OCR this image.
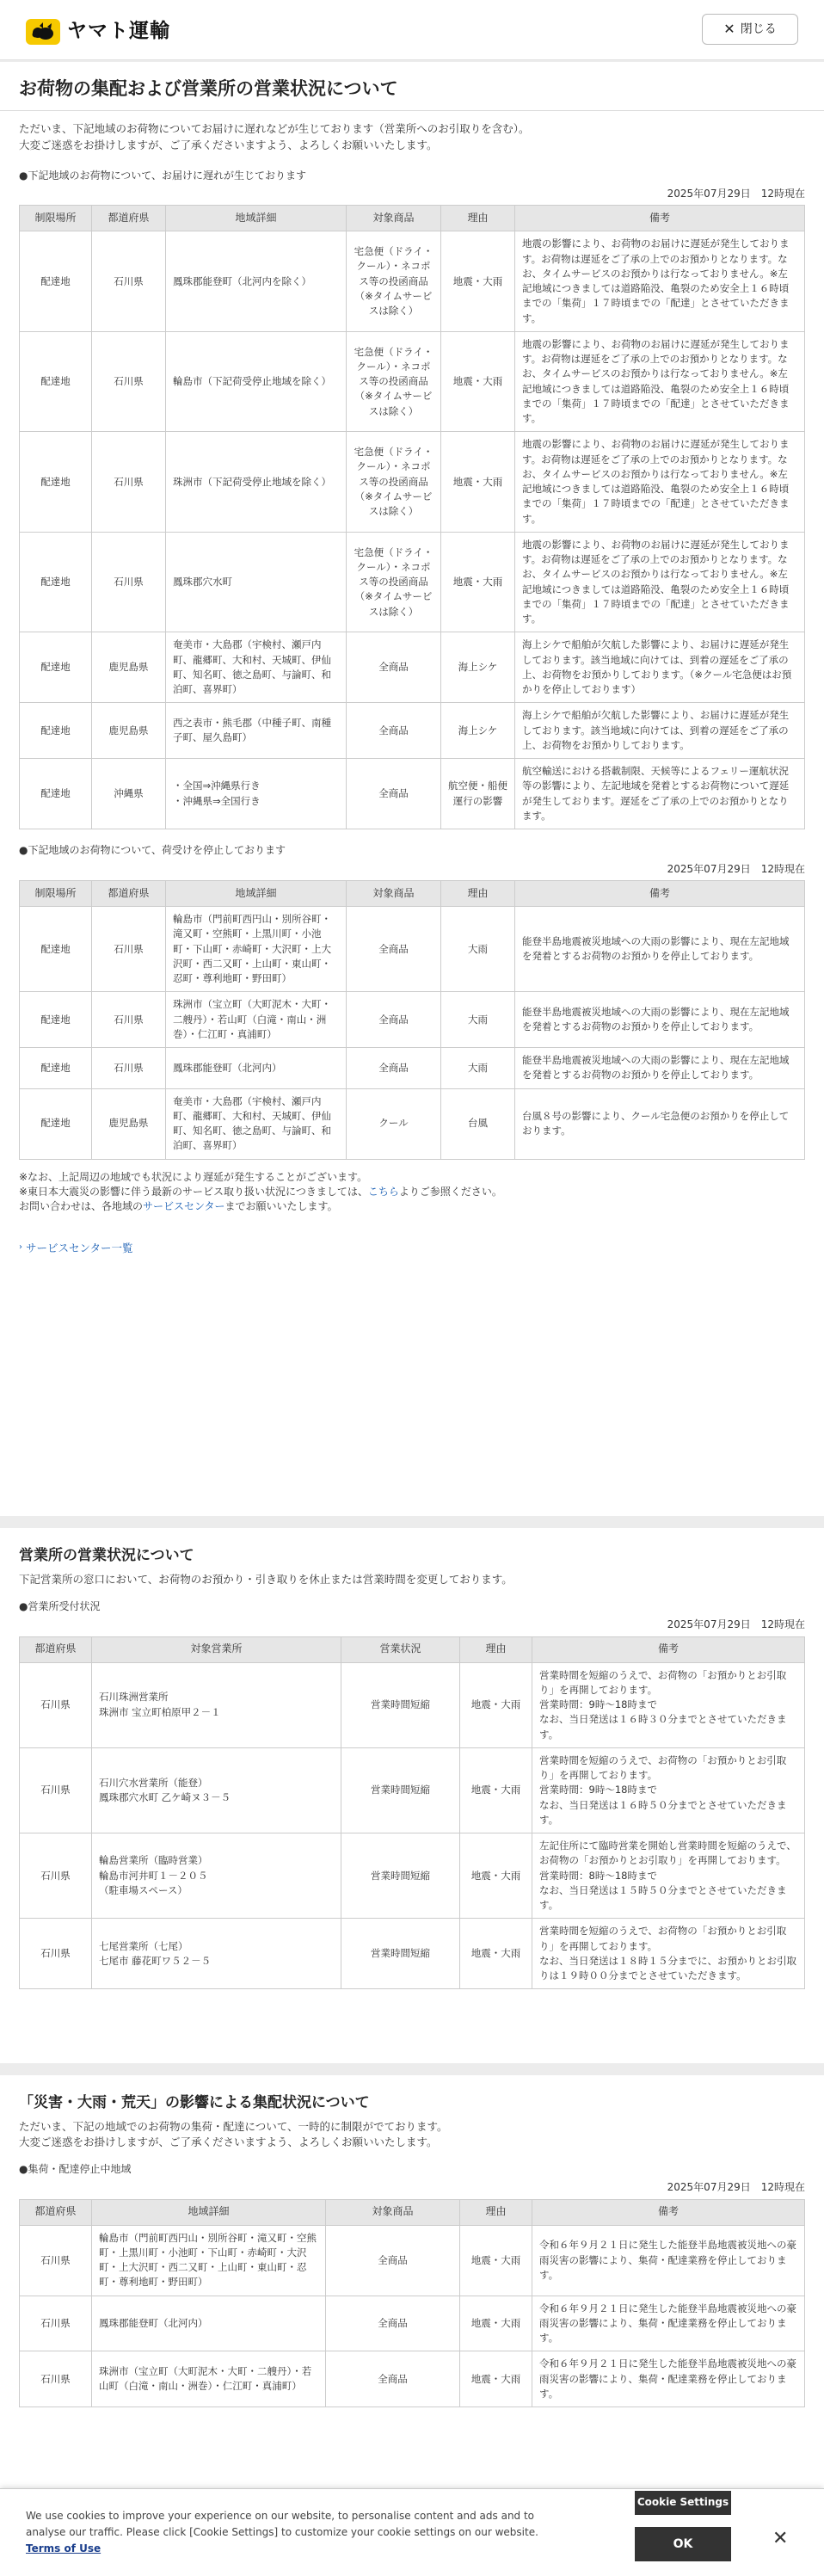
ヤマト運輸	✕ 閉じる
お荷物の集配および営業所の営業状況について
ただいま、下記地域のお荷物についてお届けに遅れなどが生じております（営業所へのお引取りを含む）。
大変ご迷惑をお掛けしますが、ご了承くださいますよう、よろしくお願いいたします。
●下記地域のお荷物について、お届けに遅れが生じております
2025年07月29日　12時現在
制限場所	都道府県	地域詳細	対象商品	理由	備考
配達地	石川県	鳳珠郡能登町（北河内を除く）	宅急便（ドライ・クール）・ネコポス等の投函商品（※タイムサービスは除く）	地震・大雨	地震の影響により、お荷物のお届けに遅延が発生しております。お荷物は遅延をご了承の上でのお預かりとなります。なお、タイムサービスのお預かりは行なっておりません。※左記地域につきましては道路陥没、亀裂のため安全上１６時頃までの「集荷」１７時頃までの「配達」とさせていただきます。
配達地	石川県	輪島市（下記荷受停止地域を除く）	宅急便（ドライ・クール）・ネコポス等の投函商品（※タイムサービスは除く）	地震・大雨	地震の影響により、お荷物のお届けに遅延が発生しております。お荷物は遅延をご了承の上でのお預かりとなります。なお、タイムサービスのお預かりは行なっておりません。※左記地域につきましては道路陥没、亀裂のため安全上１６時頃までの「集荷」１７時頃までの「配達」とさせていただきます。
配達地	石川県	珠洲市（下記荷受停止地域を除く）	宅急便（ドライ・クール）・ネコポス等の投函商品（※タイムサービスは除く）	地震・大雨	地震の影響により、お荷物のお届けに遅延が発生しております。お荷物は遅延をご了承の上でのお預かりとなります。なお、タイムサービスのお預かりは行なっておりません。※左記地域につきましては道路陥没、亀裂のため安全上１６時頃までの「集荷」１７時頃までの「配達」とさせていただきます。
配達地	石川県	鳳珠郡穴水町	宅急便（ドライ・クール）・ネコポス等の投函商品（※タイムサービスは除く）	地震・大雨	地震の影響により、お荷物のお届けに遅延が発生しております。お荷物は遅延をご了承の上でのお預かりとなります。なお、タイムサービスのお預かりは行なっておりません。※左記地域につきましては道路陥没、亀裂のため安全上１６時頃までの「集荷」１７時頃までの「配達」とさせていただきます。
配達地	鹿児島県	奄美市・大島郡（宇検村、瀬戸内町、龍郷町、大和村、天城町、伊仙町、知名町、徳之島町、与論町、和泊町、喜界町）	全商品	海上シケ	海上シケで船舶が欠航した影響により、お届けに遅延が発生しております。該当地域に向けては、到着の遅延をご了承の上、お荷物をお預かりしております。（※クール宅急便はお預かりを停止しております）
配達地	鹿児島県	西之表市・熊毛郡（中種子町、南種子町、屋久島町）	全商品	海上シケ	海上シケで船舶が欠航した影響により、お届けに遅延が発生しております。該当地域に向けては、到着の遅延をご了承の上、お荷物をお預かりしております。
配達地	沖縄県	・全国⇒沖縄県行き
・沖縄県⇒全国行き	全商品	航空便・船便運行の影響	航空輸送における搭載制限、天候等によるフェリー運航状況等の影響により、左記地域を発着とするお荷物について遅延が発生しております。遅延をご了承の上でのお預かりとなります。
●下記地域のお荷物について、荷受けを停止しております
2025年07月29日　12時現在
制限場所	都道府県	地域詳細	対象商品	理由	備考
配達地	石川県	輪島市（門前町西円山・別所谷町・滝又町・空熊町・上黒川町・小池町・下山町・赤崎町・大沢町・上大沢町・西二又町・上山町・東山町・忍町・尊利地町・野田町）	全商品	大雨	能登半島地震被災地域への大雨の影響により、現在左記地域を発着とするお荷物のお預かりを停止しております。
配達地	石川県	珠洲市（宝立町（大町泥木・大町・二艘丹）・若山町（白滝・南山・洲巻）・仁江町・真浦町）	全商品	大雨	能登半島地震被災地域への大雨の影響により、現在左記地域を発着とするお荷物のお預かりを停止しております。
配達地	石川県	鳳珠郡能登町（北河内）	全商品	大雨	能登半島地震被災地域への大雨の影響により、現在左記地域を発着とするお荷物のお預かりを停止しております。
配達地	鹿児島県	奄美市・大島郡（宇検村、瀬戸内町、龍郷町、大和村、天城町、伊仙町、知名町、徳之島町、与論町、和泊町、喜界町）	クール	台風	台風８号の影響により、クール宅急便のお預かりを停止しております。
※なお、上記周辺の地域でも状況により遅延が発生することがございます。
※東日本大震災の影響に伴う最新のサービス取り扱い状況につきましては、こちらよりご参照ください。
お問い合わせは、各地域のサービスセンターまでお願いいたします。
› サービスセンター一覧
営業所の営業状況について
下記営業所の窓口において、お荷物のお預かり・引き取りを休止または営業時間を変更しております。
●営業所受付状況
2025年07月29日　12時現在
都道府県	対象営業所	営業状況	理由	備考
石川県	石川珠洲営業所
珠洲市 宝立町柏原甲２－１	営業時間短縮	地震・大雨	営業時間を短縮のうえで、お荷物の「お預かりとお引取り」を再開しております。
営業時間：9時～18時まで
なお、当日発送は１６時３０分までとさせていただきます。
石川県	石川穴水営業所（能登）
鳳珠郡穴水町 乙ケ崎ヌ３－５	営業時間短縮	地震・大雨	営業時間を短縮のうえで、お荷物の「お預かりとお引取り」を再開しております。
営業時間：9時～18時まで
なお、当日発送は１６時５０分までとさせていただきます。
石川県	輪島営業所（臨時営業）
輪島市河井町１－２０５
（駐車場スペース）	営業時間短縮	地震・大雨	左記住所にて臨時営業を開始し営業時間を短縮のうえで、お荷物の「お預かりとお引取り」を再開しております。
営業時間：8時～18時まで
なお、当日発送は１５時５０分までとさせていただきます。
石川県	七尾営業所（七尾）
七尾市 藤花町ワ５２－５	営業時間短縮	地震・大雨	営業時間を短縮のうえで、お荷物の「お預かりとお引取り」を再開しております。
なお、当日発送は１８時１５分までに、お預かりとお引取りは１９時００分までとさせていただきます。
「災害・大雨・荒天」の影響による集配状況について
ただいま、下記の地域でのお荷物の集荷・配達について、一時的に制限がでております。
大変ご迷惑をお掛けしますが、ご了承くださいますよう、よろしくお願いいたします。
●集荷・配達停止中地域
2025年07月29日　12時現在
都道府県	地域詳細	対象商品	理由	備考
石川県	輪島市（門前町西円山・別所谷町・滝又町・空熊町・上黒川町・小池町・下山町・赤崎町・大沢町・上大沢町・西二又町・上山町・東山町・忍町・尊利地町・野田町）	全商品	地震・大雨	令和６年９月２１日に発生した能登半島地震被災地への豪雨災害の影響により、集荷・配達業務を停止しております。
石川県	鳳珠郡能登町（北河内）	全商品	地震・大雨	令和６年９月２１日に発生した能登半島地震被災地への豪雨災害の影響により、集荷・配達業務を停止しております。
石川県	珠洲市（宝立町（大町泥木・大町・二艘丹）・若山町（白滝・南山・洲巻）・仁江町・真浦町）	全商品	地震・大雨	令和６年９月２１日に発生した能登半島地震被災地への豪雨災害の影響により、集荷・配達業務を停止しております。
We use cookies to improve your experience on our website, to personalise content and ads and to analyse our traffic. Please click [Cookie Settings] to customize your cookie settings on our website. Terms of Use
Cookie Settings
OK	✕
